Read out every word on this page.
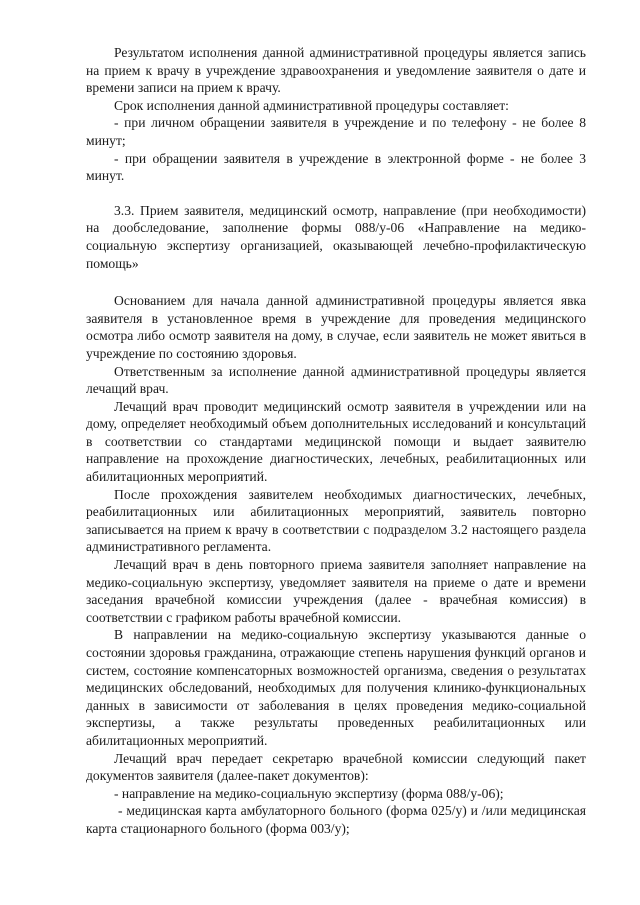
Результатом исполнения данной административной процедуры является запись на прием к врачу в учреждение здравоохранения и уведомление заявителя о дате и времени записи на прием к врачу.

Срок исполнения данной административной процедуры составляет:

- при личном обращении заявителя в учреждение и по телефону - не более 8 минут;

- при обращении заявителя в учреждение в электронной форме - не более 3 минут.

3.3. Прием заявителя, медицинский осмотр, направление (при необходимости) на дообследование, заполнение формы 088/у-06 «Направление на медико-социальную экспертизу организацией, оказывающей лечебно-профилактическую помощь»

Основанием для начала данной административной процедуры является явка заявителя в установленное время в учреждение для проведения медицинского осмотра либо осмотр заявителя на дому, в случае, если заявитель не может явиться в учреждение по состоянию здоровья.

Ответственным за исполнение данной административной процедуры является лечащий врач.

Лечащий врач проводит медицинский осмотр заявителя в учреждении или на дому, определяет необходимый объем дополнительных исследований и консультаций в соответствии со стандартами медицинской помощи и выдает заявителю направление на прохождение диагностических, лечебных, реабилитационных или абилитационных мероприятий.

После прохождения заявителем необходимых диагностических, лечебных, реабилитационных или абилитационных мероприятий, заявитель повторно записывается на прием к врачу в соответствии с подразделом 3.2 настоящего раздела административного регламента.

Лечащий врач в день повторного приема заявителя заполняет направление на медико-социальную экспертизу, уведомляет заявителя на приеме о дате и времени заседания врачебной комиссии учреждения (далее - врачебная комиссия) в соответствии с графиком работы врачебной комиссии.

В направлении на медико-социальную экспертизу указываются данные о состоянии здоровья гражданина, отражающие степень нарушения функций органов и систем, состояние компенсаторных возможностей организма, сведения о результатах медицинских обследований, необходимых для получения клинико-функциональных данных в зависимости от заболевания в целях проведения медико-социальной экспертизы, а также результаты проведенных реабилитационных или абилитационных мероприятий.

Лечащий врач передает секретарю врачебной комиссии следующий пакет документов заявителя (далее-пакет документов):

- направление на медико-социальную экспертизу (форма 088/у-06);

- медицинская карта амбулаторного больного (форма 025/у) и /или медицинская карта стационарного больного (форма 003/у);
